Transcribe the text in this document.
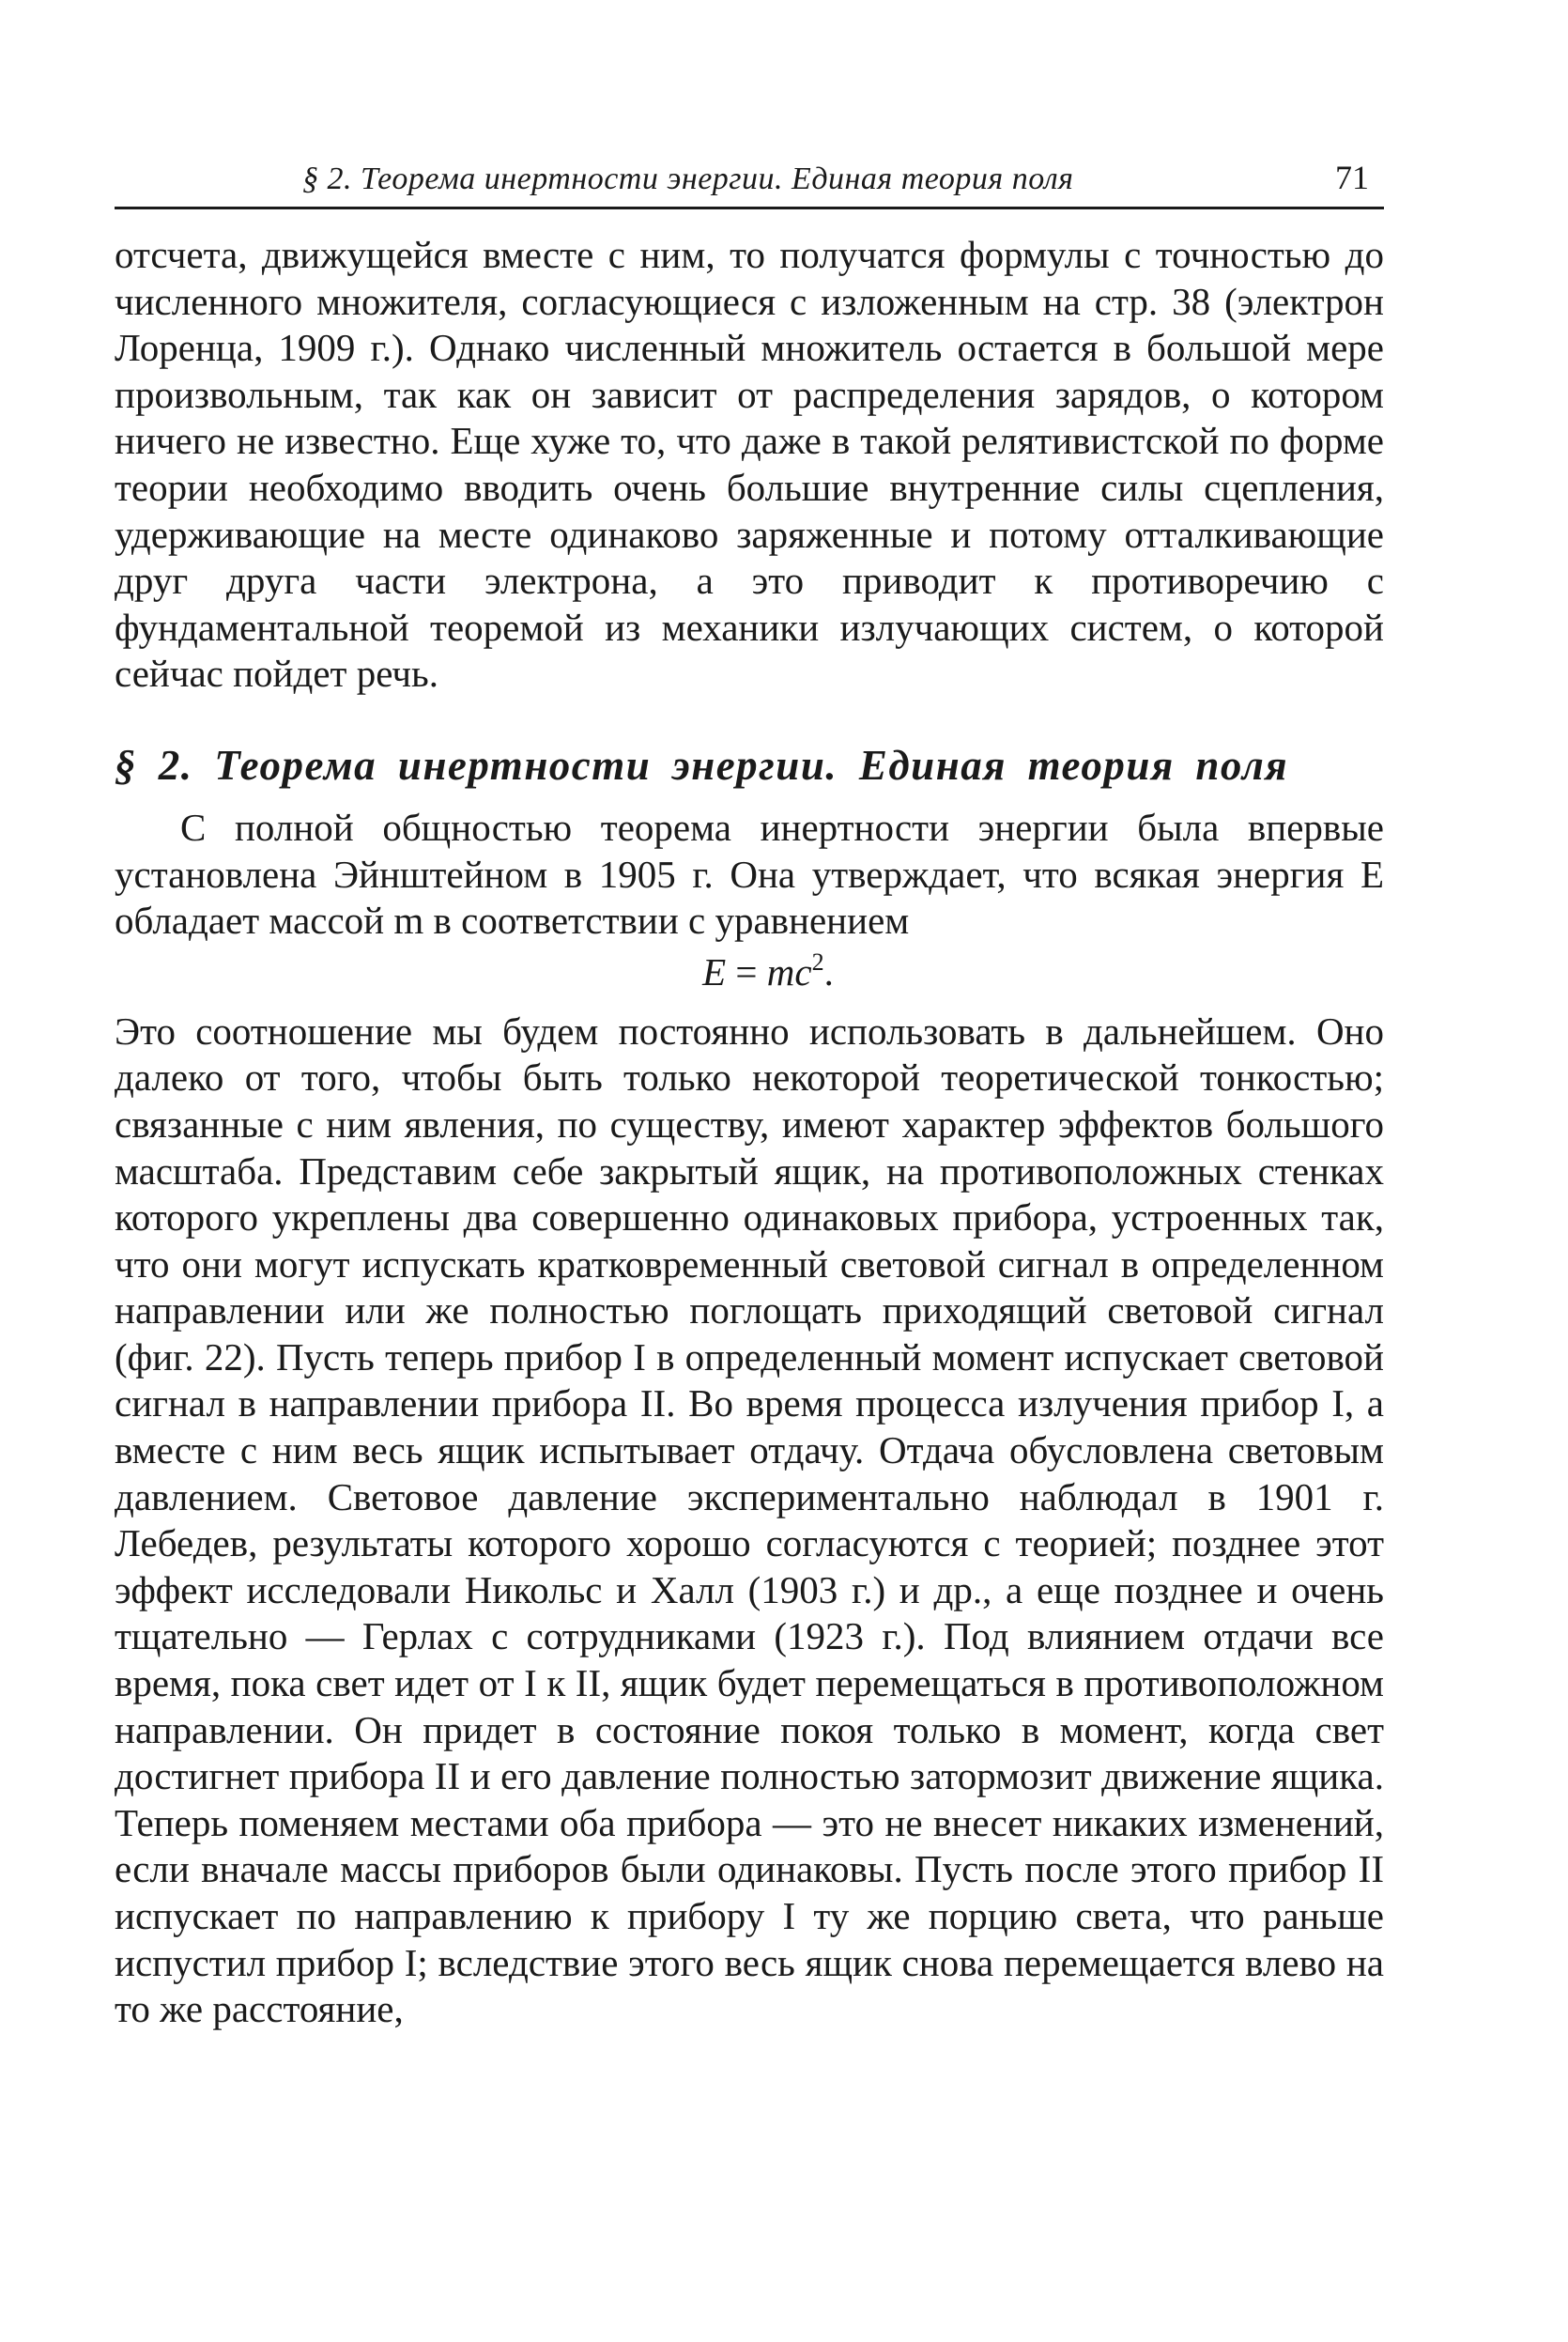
§ 2. Теорема инертности энергии. Единая теория поля	71

отсчета, движущейся вместе с ним, то получатся формулы с точностью до численного множителя, согласующиеся с изложенным на стр. 38 (электрон Лоренца, 1909 г.). Однако численный множитель остается в большой мере произвольным, так как он зависит от распределения зарядов, о котором ничего не известно. Еще хуже то, что даже в такой релятивистской по форме теории необходимо вводить очень большие внутренние силы сцепления, удерживающие на месте одинаково заряженные и потому отталкивающие друг друга части электрона, а это приводит к противоречию с фундаментальной теоремой из механики излучающих систем, о которой сейчас пойдет речь.

§ 2. Теорема инертности энергии. Единая теория поля

С полной общностью теорема инертности энергии была впервые установлена Эйнштейном в 1905 г. Она утверждает, что всякая энергия E обладает массой m в соответствии с уравнением

$E = mc^2$.

Это соотношение мы будем постоянно использовать в дальнейшем. Оно далеко от того, чтобы быть только некоторой теоретической тонкостью; связанные с ним явления, по существу, имеют характер эффектов большого масштаба. Представим себе закрытый ящик, на противоположных стенках которого укреплены два совершенно одинаковых прибора, устроенных так, что они могут испускать кратковременный световой сигнал в определенном направлении или же полностью поглощать приходящий световой сигнал (фиг. 22). Пусть теперь прибор I в определенный момент испускает световой сигнал в направлении прибора II. Во время процесса излучения прибор I, а вместе с ним весь ящик испытывает отдачу. Отдача обусловлена световым давлением. Световое давление экспериментально наблюдал в 1901 г. Лебедев, результаты которого хорошо согласуются с теорией; позднее этот эффект исследовали Никольс и Халл (1903 г.) и др., а еще позднее и очень тщательно — Герлах с сотрудниками (1923 г.). Под влиянием отдачи все время, пока свет идет от I к II, ящик будет перемещаться в противоположном направлении. Он придет в состояние покоя только в момент, когда свет достигнет прибора II и его давление полностью затормозит движение ящика. Теперь поменяем местами оба прибора — это не внесет никаких изменений, если вначале массы приборов были одинаковы. Пусть после этого прибор II испускает по направлению к прибору I ту же порцию света, что раньше испустил прибор I; вследствие этого весь ящик снова перемещается влево на то же расстояние,
